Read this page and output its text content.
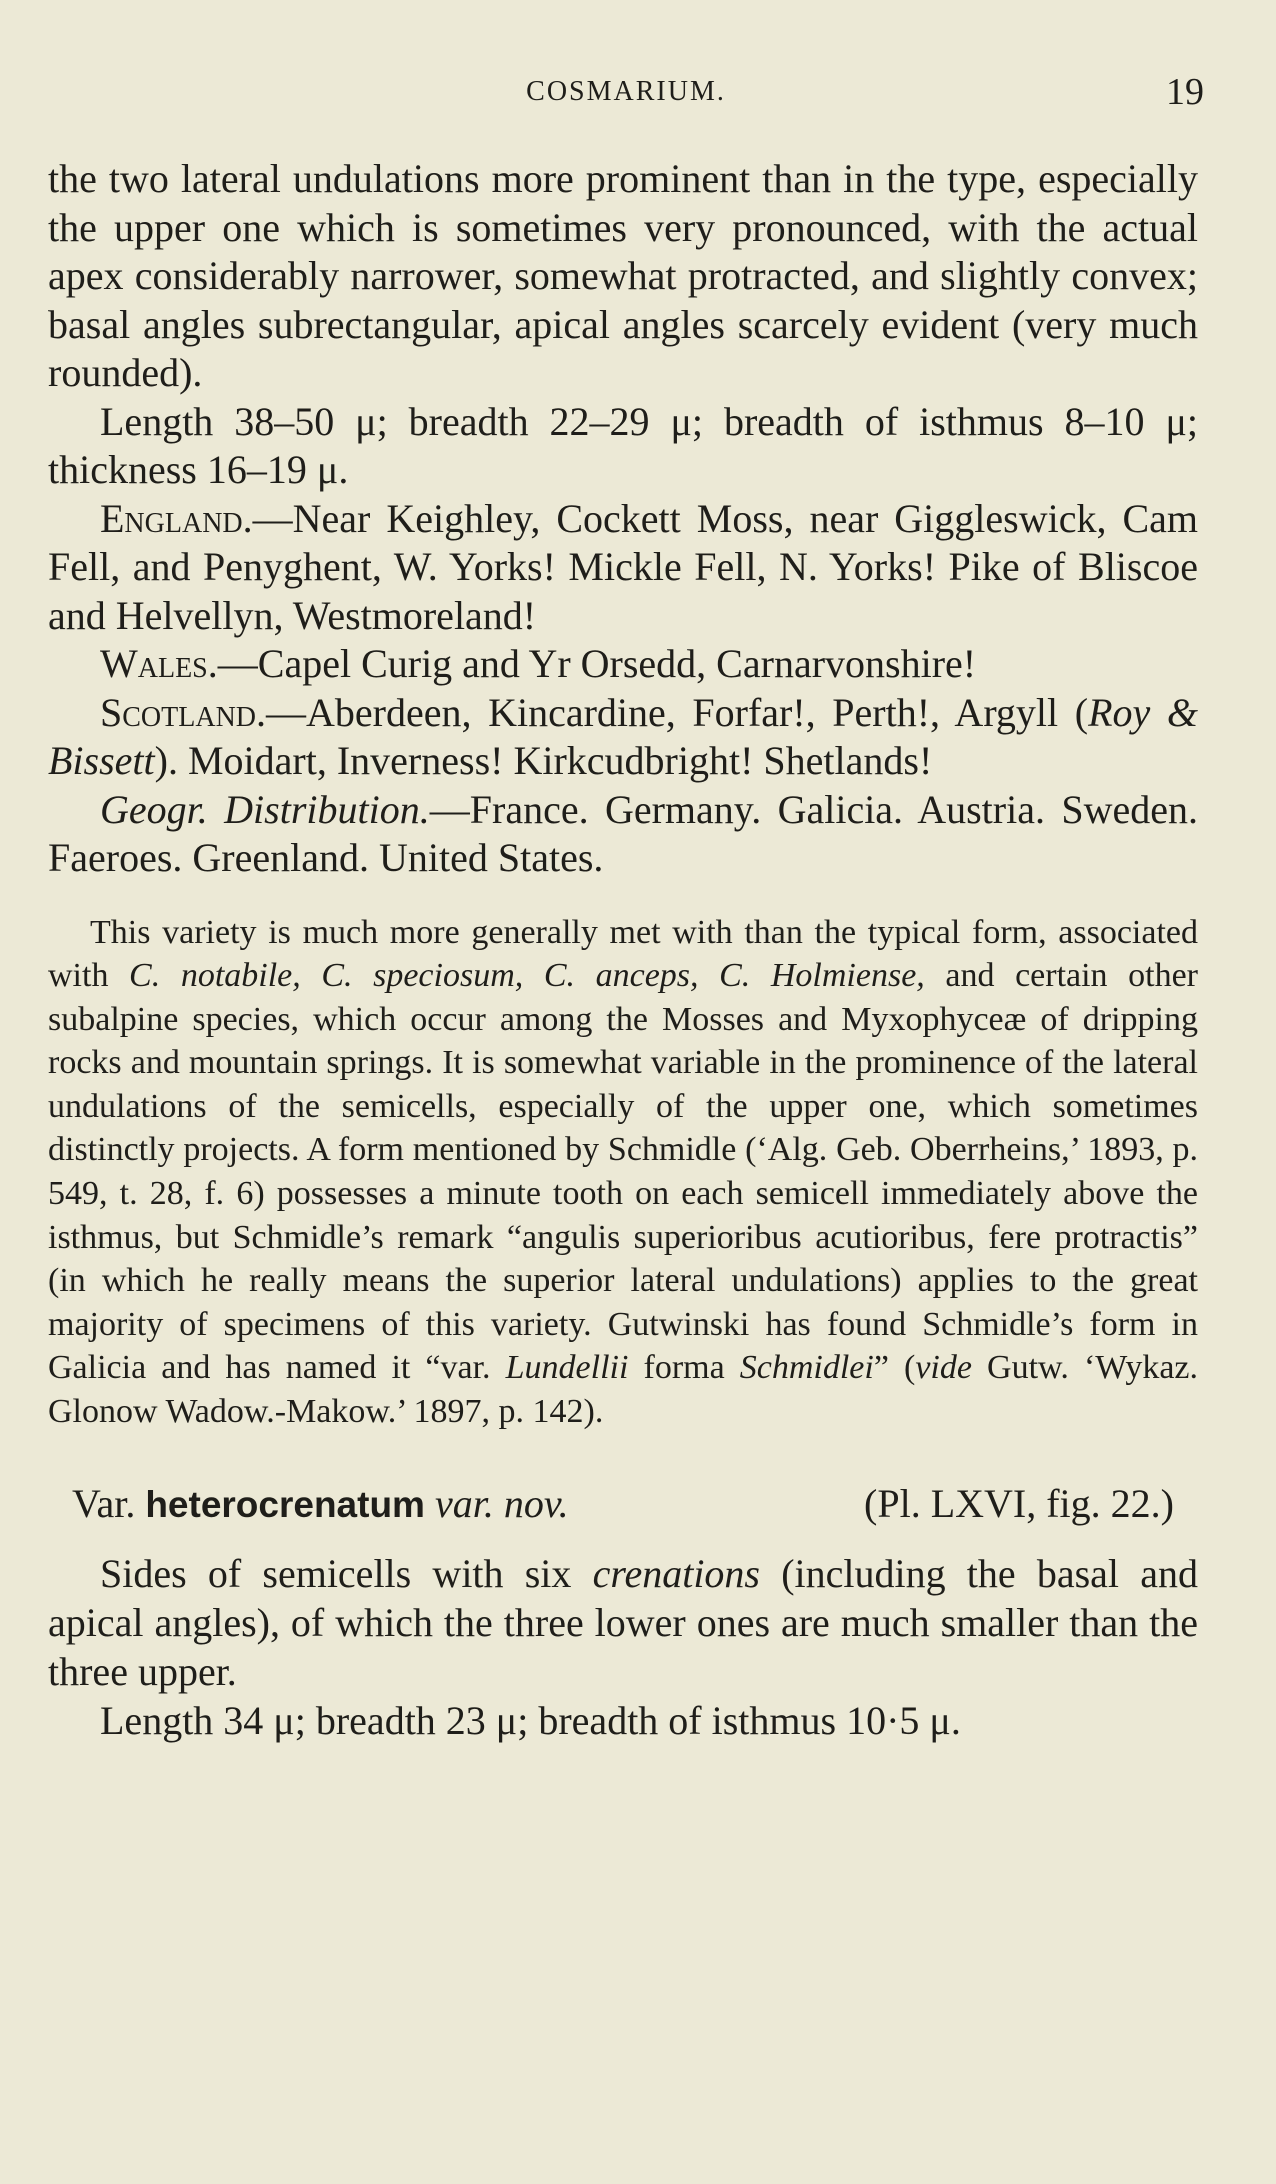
COSMARIUM.	19

the two lateral undulations more prominent than in the type, especially the upper one which is sometimes very pronounced, with the actual apex considerably narrower, somewhat protracted, and slightly convex; basal angles subrectangular, apical angles scarcely evident (very much rounded).

Length 38–50 μ; breadth 22–29 μ; breadth of isthmus 8–10 μ; thickness 16–19 μ.

England.—Near Keighley, Cockett Moss, near Giggleswick, Cam Fell, and Penyghent, W. Yorks! Mickle Fell, N. Yorks! Pike of Bliscoe and Helvellyn, Westmoreland!

Wales.—Capel Curig and Yr Orsedd, Carnarvonshire!

Scotland.—Aberdeen, Kincardine, Forfar!, Perth!, Argyll (Roy & Bissett). Moidart, Inverness! Kirkcudbright! Shetlands!

Geogr. Distribution.—France. Germany. Galicia. Austria. Sweden. Faeroes. Greenland. United States.

This variety is much more generally met with than the typical form, associated with C. notabile, C. speciosum, C. anceps, C. Holmiense, and certain other subalpine species, which occur among the Mosses and Myxophyceæ of dripping rocks and mountain springs. It is somewhat variable in the prominence of the lateral undulations of the semicells, especially of the upper one, which sometimes distinctly projects. A form mentioned by Schmidle (‘Alg. Geb. Oberrheins,’ 1893, p. 549, t. 28, f. 6) possesses a minute tooth on each semicell immediately above the isthmus, but Schmidle’s remark “angulis superioribus acutioribus, fere protractis” (in which he really means the superior lateral undulations) applies to the great majority of specimens of this variety. Gutwinski has found Schmidle’s form in Galicia and has named it “var. Lundellii forma Schmidlei” (vide Gutw. ‘Wykaz. Glonow Wadow.-Makow.’ 1897, p. 142).

(Pl. LXVI, fig. 22.)
Var. heterocrenatum var. nov.

Sides of semicells with six crenations (including the basal and apical angles), of which the three lower ones are much smaller than the three upper.

Length 34 μ; breadth 23 μ; breadth of isthmus 10·5 μ.
